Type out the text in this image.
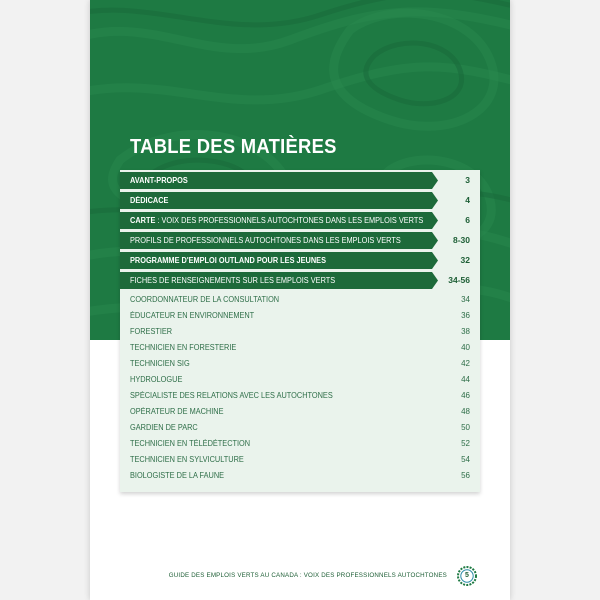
TABLE DES MATIÈRES
AVANT-PROPOS	3
DÉDICACE	4
CARTE : VOIX DES PROFESSIONNELS AUTOCHTONES DANS LES EMPLOIS VERTS	6
PROFILS DE PROFESSIONNELS AUTOCHTONES DANS LES EMPLOIS VERTS	8-30
PROGRAMME D'EMPLOI OUTLAND POUR LES JEUNES	32
FICHES DE RENSEIGNEMENTS SUR LES EMPLOIS VERTS	34-56
COORDONNATEUR DE LA CONSULTATION	34
ÉDUCATEUR EN ENVIRONNEMENT	36
FORESTIER	38
TECHNICIEN EN FORESTERIE	40
TECHNICIEN SIG	42
HYDROLOGUE	44
SPÉCIALISTE DES RELATIONS AVEC LES AUTOCHTONES	46
OPÉRATEUR DE MACHINE	48
GARDIEN DE PARC	50
TECHNICIEN EN TÉLÉDÉTECTION	52
TECHNICIEN EN SYLVICULTURE	54
BIOLOGISTE DE LA FAUNE	56
GUIDE DES EMPLOIS VERTS AU CANADA : VOIX DES PROFESSIONNELS AUTOCHTONES	5
